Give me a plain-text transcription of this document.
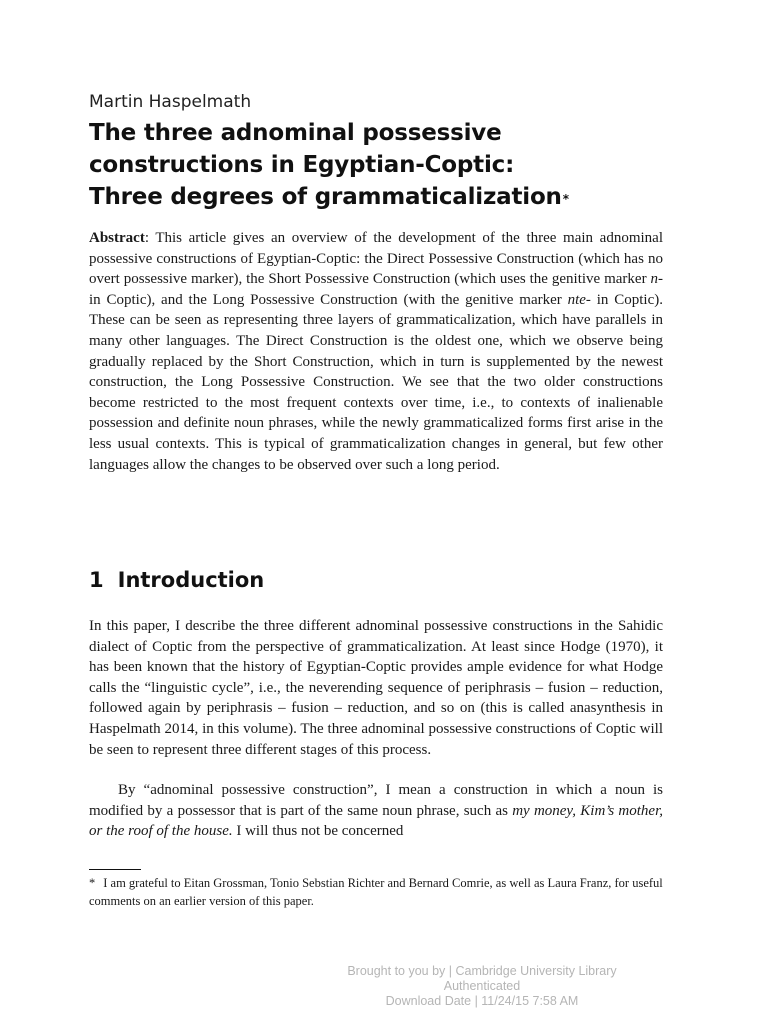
Martin Haspelmath
The three adnominal possessive
constructions in Egyptian-Coptic:
Three degrees of grammaticalization*

Abstract: This article gives an overview of the development of the three main adnominal possessive constructions of Egyptian-Coptic: the Direct Possessive Construction (which has no overt possessive marker), the Short Possessive Construction (which uses the genitive marker n- in Coptic), and the Long Possessive Construction (with the genitive marker nte- in Coptic). These can be seen as representing three layers of grammaticalization, which have parallels in many other languages. The Direct Construction is the oldest one, which we observe being gradually replaced by the Short Construction, which in turn is supplemented by the newest construction, the Long Possessive Construction. We see that the two older constructions become restricted to the most frequent contexts over time, i.e., to contexts of inalienable possession and definite noun phrases, while the newly grammaticalized forms first arise in the less usual contexts. This is typical of grammaticalization changes in general, but few other languages allow the changes to be observed over such a long period.

1 Introduction

In this paper, I describe the three different adnominal possessive constructions in the Sahidic dialect of Coptic from the perspective of grammaticalization. At least since Hodge (1970), it has been known that the history of Egyptian-Coptic provides ample evidence for what Hodge calls the “linguistic cycle”, i.e., the neverending sequence of periphrasis – fusion – reduction, followed again by periphrasis – fusion – reduction, and so on (this is called anasynthesis in Haspelmath 2014, in this volume). The three adnominal possessive constructions of Coptic will be seen to represent three different stages of this process.

By “adnominal possessive construction”, I mean a construction in which a noun is modified by a possessor that is part of the same noun phrase, such as my money, Kim’s mother, or the roof of the house. I will thus not be concerned

* I am grateful to Eitan Grossman, Tonio Sebstian Richter and Bernard Comrie, as well as Laura Franz, for useful comments on an earlier version of this paper.

Brought to you by | Cambridge University Library
Authenticated
Download Date | 11/24/15 7:58 AM
